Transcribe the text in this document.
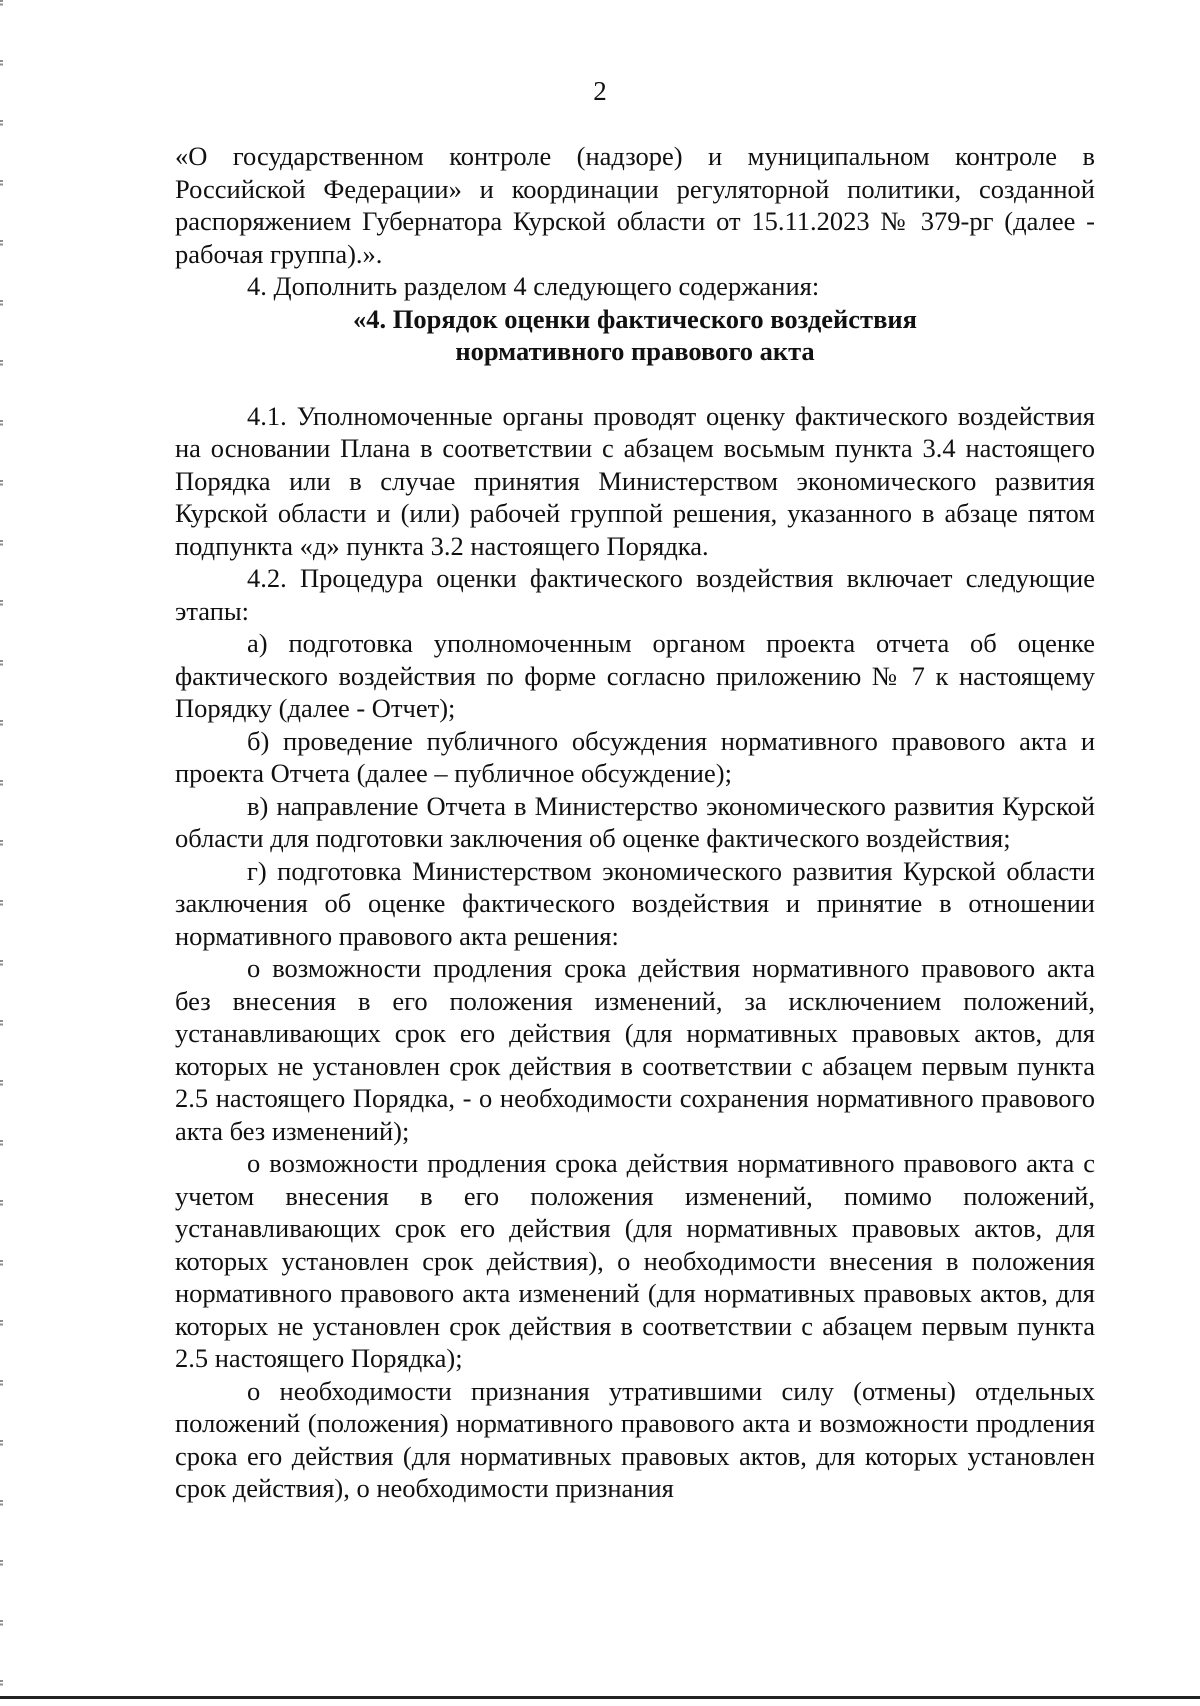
2

«О государственном контроле (надзоре) и муниципальном контроле в Российской Федерации» и координации регуляторной политики, созданной распоряжением Губернатора Курской области от 15.11.2023 № 379-рг (далее - рабочая группа).».

4. Дополнить разделом 4 следующего содержания:

«4. Порядок оценки фактического воздействия

нормативного правового акта

4.1. Уполномоченные органы проводят оценку фактического воздействия на основании Плана в соответствии с абзацем восьмым пункта 3.4 настоящего Порядка или в случае принятия Министерством экономического развития Курской области и (или) рабочей группой решения, указанного в абзаце пятом подпункта «д» пункта 3.2 настоящего Порядка.

4.2. Процедура оценки фактического воздействия включает следующие этапы:

а) подготовка уполномоченным органом проекта отчета об оценке фактического воздействия по форме согласно приложению № 7 к настоящему Порядку (далее - Отчет);

б) проведение публичного обсуждения нормативного правового акта и проекта Отчета (далее – публичное обсуждение);

в) направление Отчета в Министерство экономического развития Курской области для подготовки заключения об оценке фактического воздействия;

г) подготовка Министерством экономического развития Курской области заключения об оценке фактического воздействия и принятие в отношении нормативного правового акта решения:

о возможности продления срока действия нормативного правового акта без внесения в его положения изменений, за исключением положений, устанавливающих срок его действия (для нормативных правовых актов, для которых не установлен срок действия в соответствии с абзацем первым пункта 2.5 настоящего Порядка, - о необходимости сохранения нормативного правового акта без изменений);

о возможности продления срока действия нормативного правового акта с учетом внесения в его положения изменений, помимо положений, устанавливающих срок его действия (для нормативных правовых актов, для которых установлен срок действия), о необходимости внесения в положения нормативного правового акта изменений (для нормативных правовых актов, для которых не установлен срок действия в соответствии с абзацем первым пункта 2.5 настоящего Порядка);

о необходимости признания утратившими силу (отмены) отдельных положений (положения) нормативного правового акта и возможности продления срока его действия (для нормативных правовых актов, для которых установлен срок действия), о необходимости признания
